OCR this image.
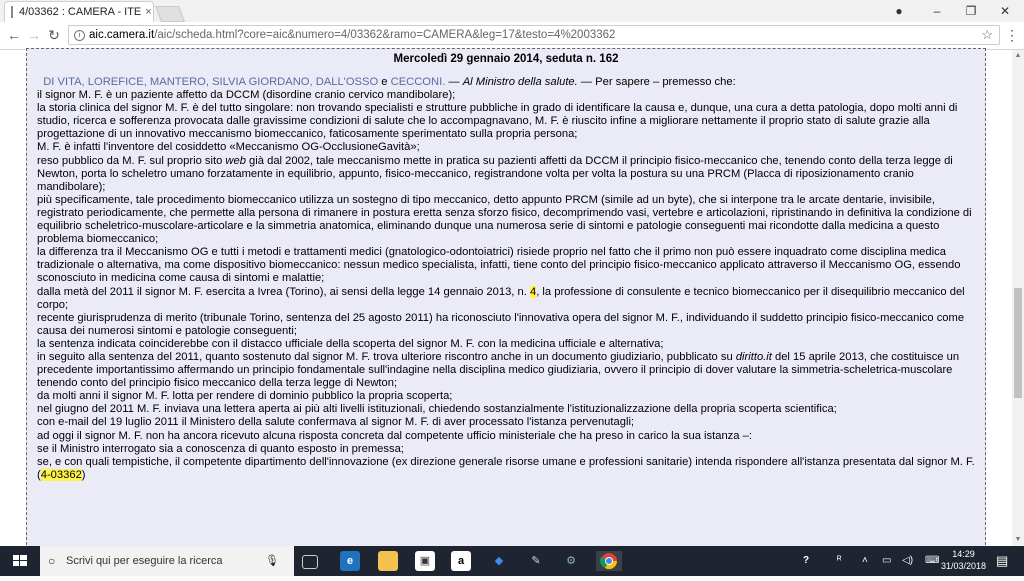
4/03362 : CAMERA - ITE ×	●	–	❐	✕
← → ↻	i aic.camera.it/aic/scheda.html?core=aic&numero=4/03362&ramo=CAMERA&leg=17&testo=4%2003362	☆ ⋮
Mercoledì 29 gennaio 2014, seduta n. 162

DI VITA, LOREFICE, MANTERO, SILVIA GIORDANO, DALL'OSSO e CECCONI. — Al Ministro della salute. — Per sapere – premesso che:

il signor M. F. è un paziente affetto da DCCM (disordine cranio cervico mandibolare);

la storia clinica del signor M. F. è del tutto singolare: non trovando specialisti e strutture pubbliche in grado di identificare la causa e, dunque, una cura a detta patologia, dopo molti anni di studio, ricerca e sofferenza provocata dalle gravissime condizioni di salute che lo accompagnavano, M. F. è riuscito infine a migliorare nettamente il proprio stato di salute grazie alla progettazione di un innovativo meccanismo biomeccanico, faticosamente sperimentato sulla propria persona;

M. F. è infatti l'inventore del cosiddetto «Meccanismo OG-OcclusioneGavità»;

reso pubblico da M. F. sul proprio sito web già dal 2002, tale meccanismo mette in pratica su pazienti affetti da DCCM il principio fisico-meccanico che, tenendo conto della terza legge di Newton, porta lo scheletro umano forzatamente in equilibrio, appunto, fisico-meccanico, registrandone volta per volta la postura su una PRCM (Placca di riposizionamento cranio mandibolare);

più specificamente, tale procedimento biomeccanico utilizza un sostegno di tipo meccanico, detto appunto PRCM (simile ad un byte), che si interpone tra le arcate dentarie, invisibile, registrato periodicamente, che permette alla persona di rimanere in postura eretta senza sforzo fisico, decomprimendo vasi, vertebre e articolazioni, ripristinando in definitiva la condizione di equilibrio scheletrico-muscolare-articolare e la simmetria anatomica, eliminando dunque una numerosa serie di sintomi e patologie conseguenti mai ricondotte dalla medicina a questo problema biomeccanico;

la differenza tra il Meccanismo OG e tutti i metodi e trattamenti medici (gnatologico-odontoiatrici) risiede proprio nel fatto che il primo non può essere inquadrato come disciplina medica tradizionale o alternativa, ma come dispositivo biomeccanico: nessun medico specialista, infatti, tiene conto del principio fisico-meccanico applicato attraverso il Meccanismo OG, essendo sconosciuto in medicina come causa di sintomi e malattie;

dalla metà del 2011 il signor M. F. esercita a Ivrea (Torino), ai sensi della legge 14 gennaio 2013, n. 4, la professione di consulente e tecnico biomeccanico per il disequilibrio meccanico del corpo;

recente giurisprudenza di merito (tribunale Torino, sentenza del 25 agosto 2011) ha riconosciuto l'innovativa opera del signor M. F., individuando il suddetto principio fisico-meccanico come causa dei numerosi sintomi e patologie conseguenti;

la sentenza indicata coinciderebbe con il distacco ufficiale della scoperta del signor M. F. con la medicina ufficiale e alternativa;

in seguito alla sentenza del 2011, quanto sostenuto dal signor M. F. trova ulteriore riscontro anche in un documento giudiziario, pubblicato su diritto.it del 15 aprile 2013, che costituisce un precedente importantissimo affermando un principio fondamentale sull'indagine nella disciplina medico giudiziaria, ovvero il principio di dover valutare la simmetria-scheletrica-muscolare tenendo conto del principio fisico meccanico della terza legge di Newton;

da molti anni il signor M. F. lotta per rendere di dominio pubblico la propria scoperta;

nel giugno del 2011 M. F. inviava una lettera aperta ai più alti livelli istituzionali, chiedendo sostanzialmente l'istituzionalizzazione della propria scoperta scientifica;

con e-mail del 19 luglio 2011 il Ministero della salute confermava al signor M. F. di aver processato l'istanza pervenutagli;

ad oggi il signor M. F. non ha ancora ricevuto alcuna risposta concreta dal competente ufficio ministeriale che ha preso in carico la sua istanza –:

se il Ministro interrogato sia a conoscenza di quanto esposto in premessa;

se, e con quali tempistiche, il competente dipartimento dell'innovazione (ex direzione generale risorse umane e professioni sanitarie) intenda rispondere all'istanza presentata dal signor M. F.

(4-03362)

▲
▼
○ Scrivi qui per eseguire la ricerca	🎙	e	▣	a	◆	✎	⚙	?	ᴿ ˄ ▭ ◁) ⌨
14:29
31/03/2018 ▤
